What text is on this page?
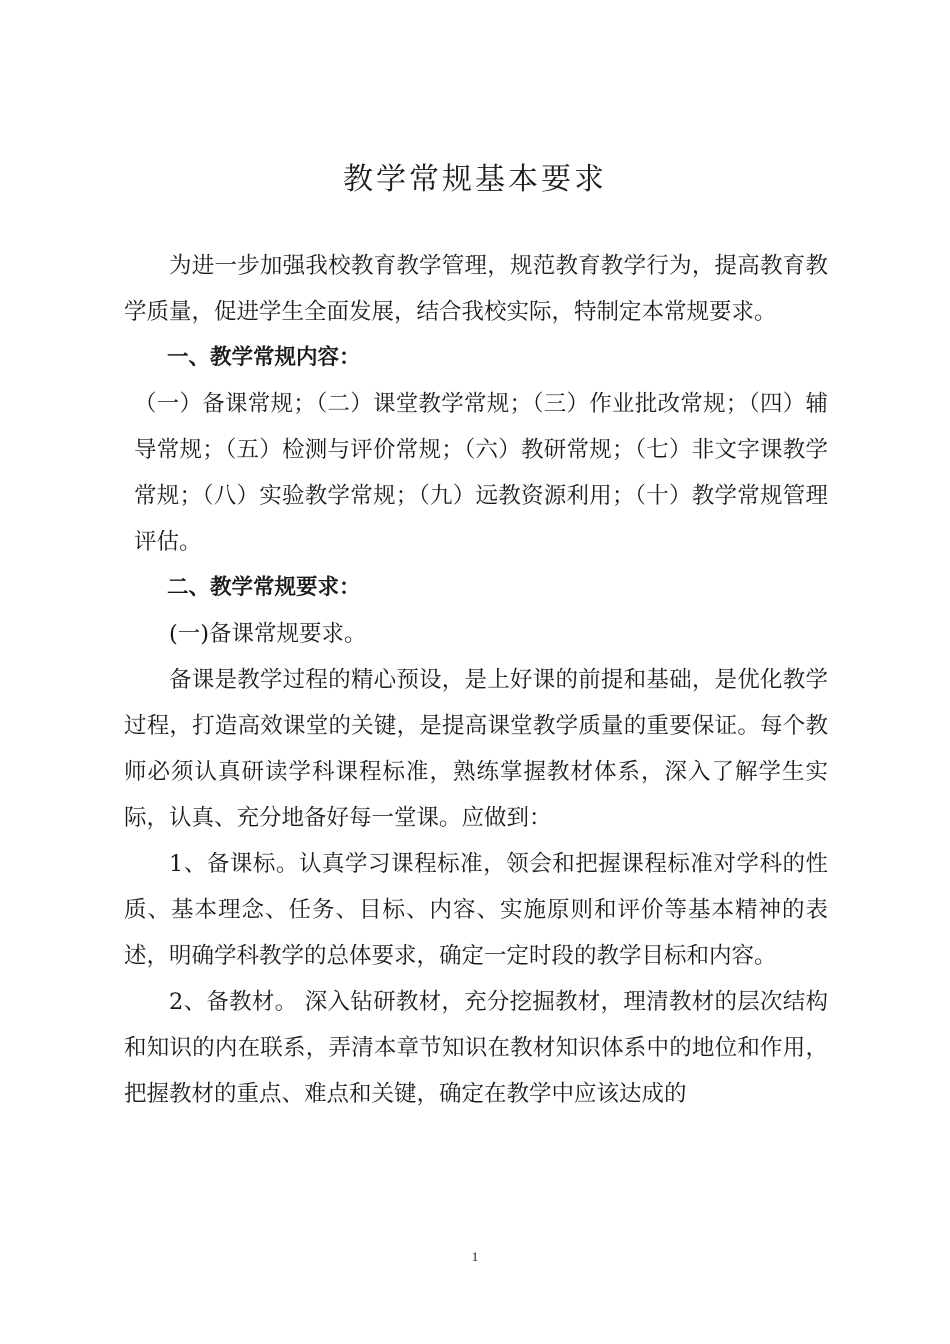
教学常规基本要求

为进一步加强我校教育教学管理，规范教育教学行为，提高教育教学质量，促进学生全面发展，结合我校实际，特制定本常规要求。

一、教学常规内容：

（一）备课常规；（二）课堂教学常规；（三）作业批改常规；（四）辅导常规；（五）检测与评价常规；（六）教研常规；（七）非文字课教学常规；（八）实验教学常规；（九）远教资源利用；（十）教学常规管理评估。

二、教学常规要求：

(一)备课常规要求。

备课是教学过程的精心预设，是上好课的前提和基础，是优化教学过程，打造高效课堂的关键，是提高课堂教学质量的重要保证。每个教师必须认真研读学科课程标准，熟练掌握教材体系，深入了解学生实际，认真、充分地备好每一堂课。应做到：

1、备课标。认真学习课程标准，领会和把握课程标准对学科的性质、基本理念、任务、目标、内容、实施原则和评价等基本精神的表述，明确学科教学的总体要求，确定一定时段的教学目标和内容。

2、备教材。 深入钻研教材，充分挖掘教材，理清教材的层次结构和知识的内在联系，弄清本章节知识在教材知识体系中的地位和作用，把握教材的重点、难点和关键，确定在教学中应该达成的

1
